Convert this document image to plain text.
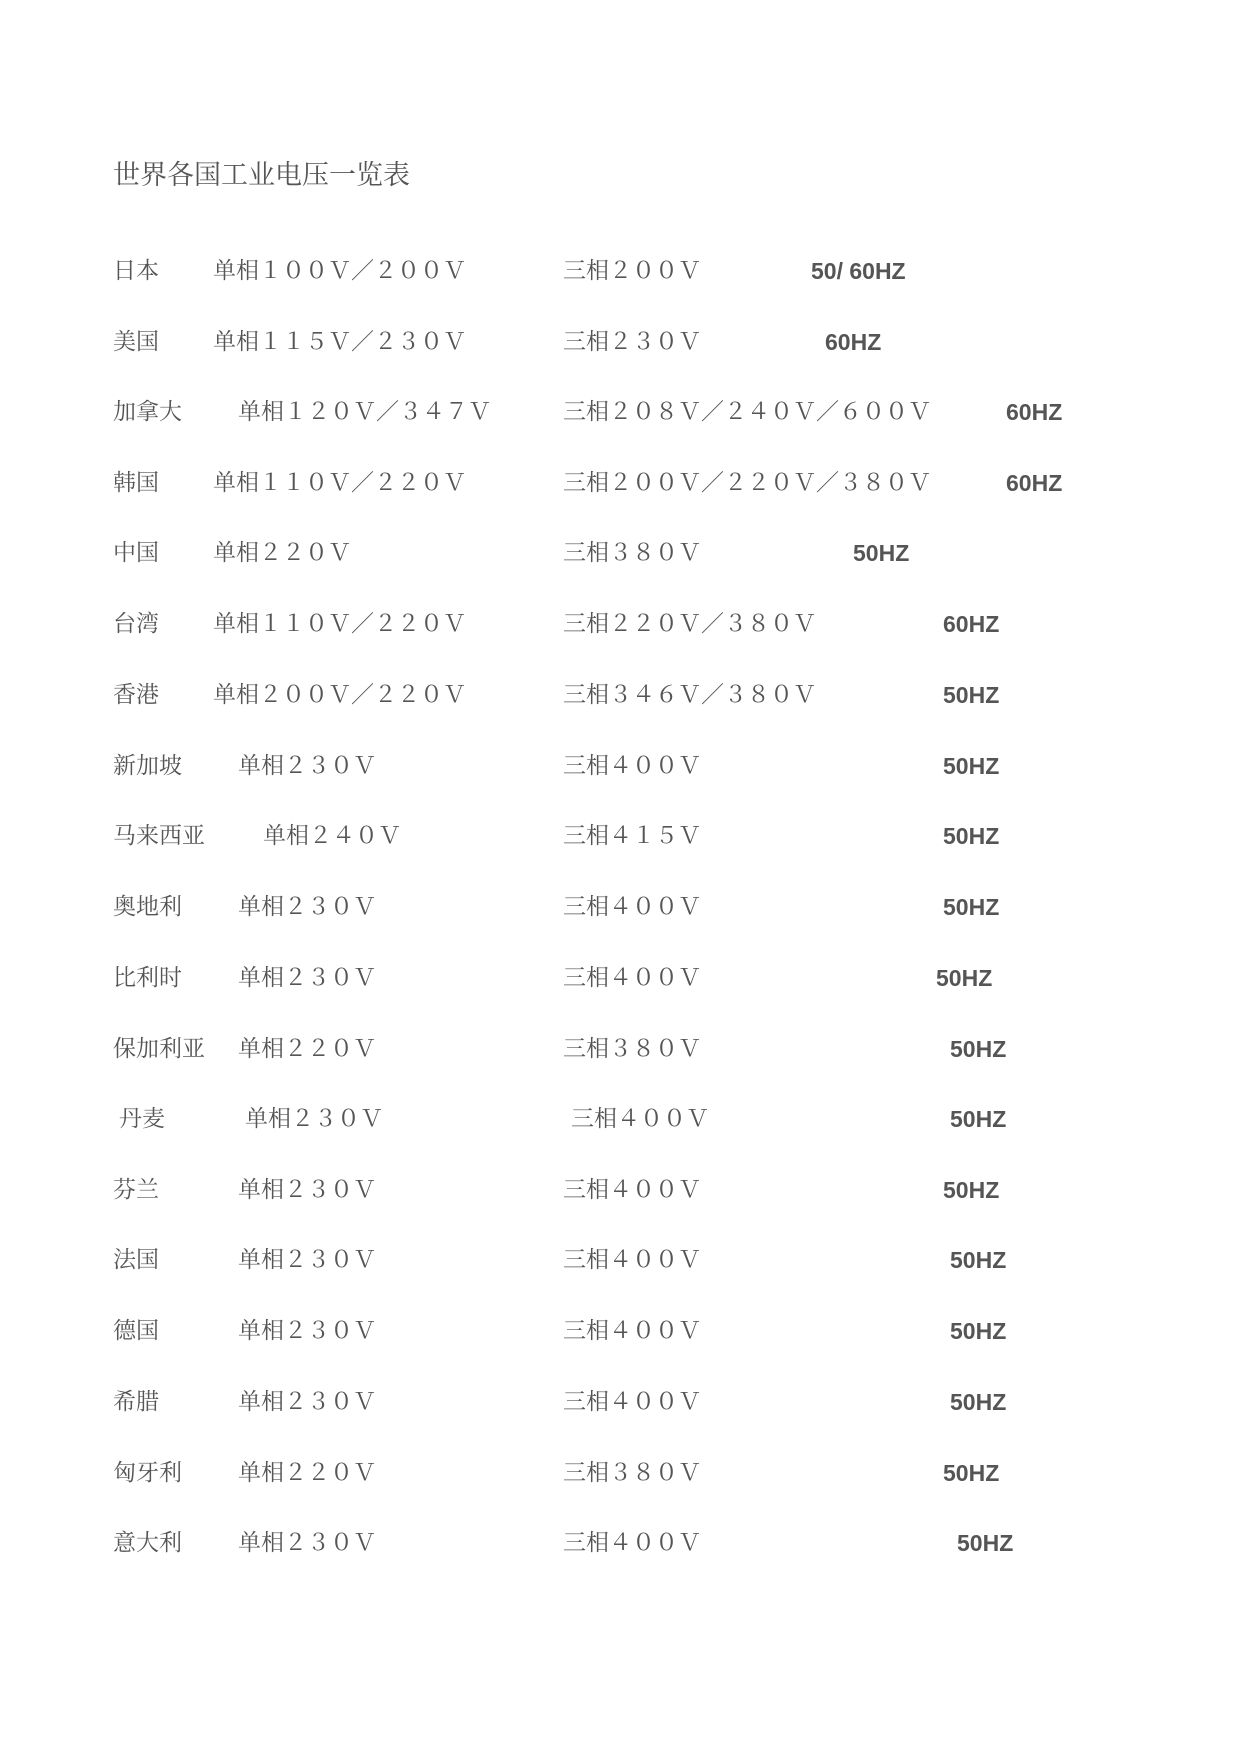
世界各国工业电压一览表
日本 单相１００Ｖ／２００Ｖ	三相２００Ｖ	50/ 60HZ
美国 单相１１５Ｖ／２３０Ｖ	三相２３０Ｖ	60HZ
加拿大 单相１２０Ｖ／３４７Ｖ	三相２０８Ｖ／２４０Ｖ／６００Ｖ	60HZ
韩国 单相１１０Ｖ／２２０Ｖ	三相２００Ｖ／２２０Ｖ／３８０Ｖ	60HZ
中国 单相２２０Ｖ	三相３８０Ｖ	50HZ
台湾 单相１１０Ｖ／２２０Ｖ	三相２２０Ｖ／３８０Ｖ	60HZ
香港 单相２００Ｖ／２２０Ｖ	三相３４６Ｖ／３８０Ｖ	50HZ
新加坡 单相２３０Ｖ	三相４００Ｖ	50HZ
马来西亚	单相２４０Ｖ	三相４１５Ｖ	50HZ
奥地利 单相２３０Ｖ	三相４００Ｖ	50HZ
比利时 单相２３０Ｖ	三相４００Ｖ	50HZ
保加利亚 单相２２０Ｖ	三相３８０Ｖ	50HZ
丹麦	单相２３０Ｖ	三相４００Ｖ	50HZ
芬兰	单相２３０Ｖ	三相４００Ｖ	50HZ
法国	单相２３０Ｖ	三相４００Ｖ	50HZ
德国	单相２３０Ｖ	三相４００Ｖ	50HZ
希腊	单相２３０Ｖ	三相４００Ｖ	50HZ
匈牙利 单相２２０Ｖ	三相３８０Ｖ	50HZ
意大利 单相２３０Ｖ	三相４００Ｖ	50HZ
